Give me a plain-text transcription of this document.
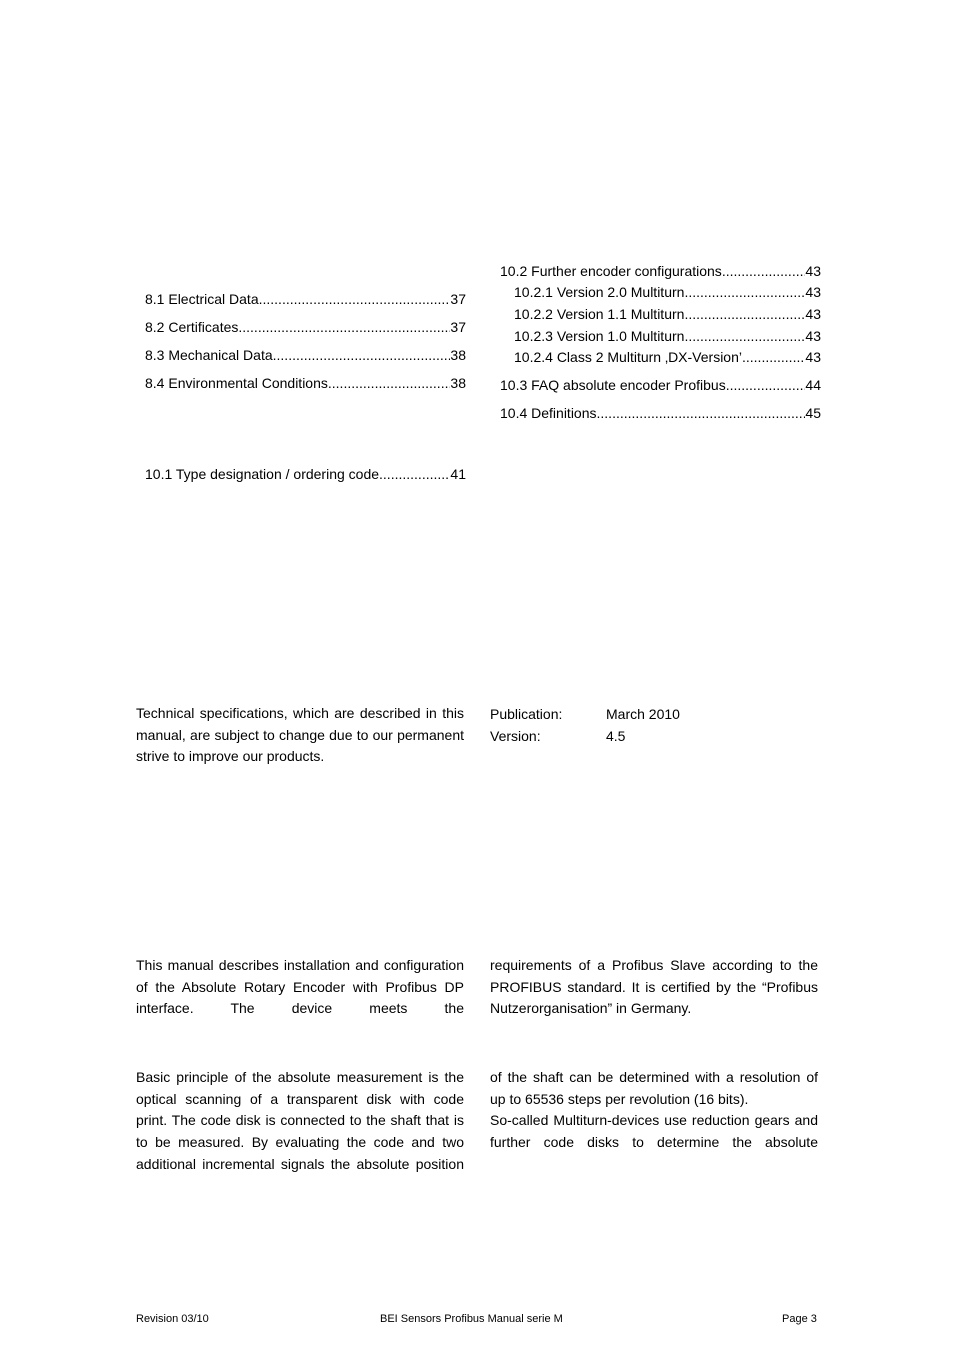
8.1 Electrical Data .....	37
8.2 Certificates .....	37
8.3 Mechanical Data .....	38
8.4 Environmental Conditions .....	38
10.1 Type designation / ordering code .....	41
10.2 Further encoder configurations .....	43
10.2.1 Version 2.0 Multiturn .....	43
10.2.2 Version 1.1 Multiturn .....	43
10.2.3 Version 1.0 Multiturn .....	43
10.2.4 Class 2 Multiturn ‚DX-Version’ .....	43
10.3 FAQ absolute encoder Profibus .....	44
10.4 Definitions .....	45

Technical specifications, which are described in this manual, are subject to change due to our permanent strive to improve our products.

Publication:	March 2010
Version:	4.5

This manual describes installation and configuration of the Absolute Rotary Encoder with Profibus DP interface. The device meets the

requirements of a Profibus Slave according to the PROFIBUS standard. It is certified by the “Profibus Nutzerorganisation” in Germany.

Basic principle of the absolute measurement is the optical scanning of a transparent disk with code print. The code disk is connected to the shaft that is to be measured. By evaluating the code and two additional incremental signals the absolute position

of the shaft can be determined with a resolution of up to 65536 steps per revolution (16 bits).

So-called Multiturn-devices use reduction gears and further code disks to determine the absolute

Revision 03/10	BEI Sensors Profibus Manual serie M	Page 3
